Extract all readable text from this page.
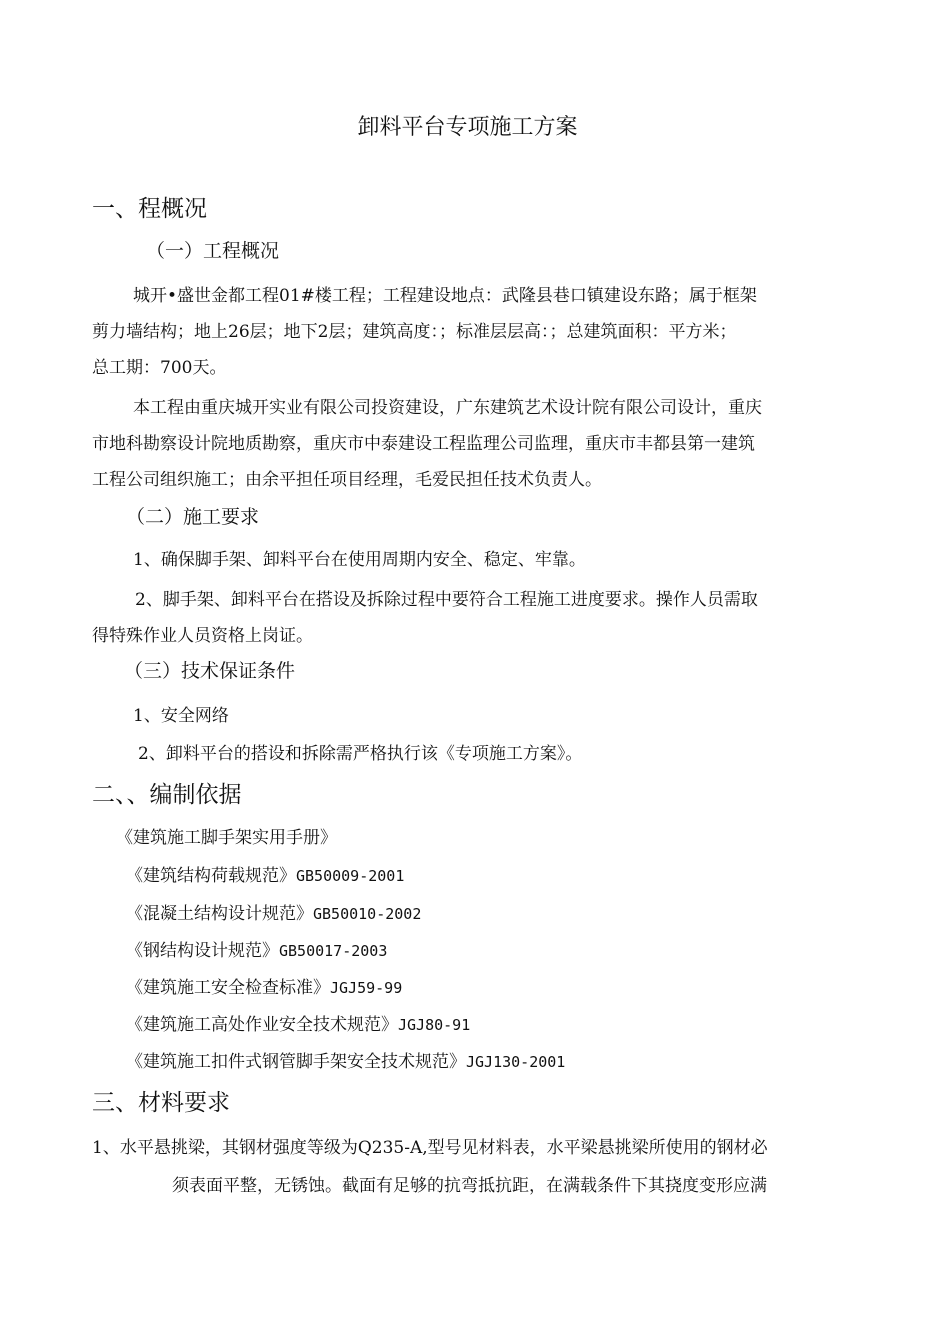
卸料平台专项施工方案
一、程概况
（一）工程概况
城开•盛世金都工程01#楼工程；工程建设地点：武隆县巷口镇建设东路；属于框架
剪力墙结构；地上26层；地下2层；建筑高度：；标准层层高：；总建筑面积：平方米；
总工期：700天。
本工程由重庆城开实业有限公司投资建设，广东建筑艺术设计院有限公司设计，重庆
市地科勘察设计院地质勘察，重庆市中泰建设工程监理公司监理，重庆市丰都县第一建筑
工程公司组织施工；由余平担任项目经理，毛爱民担任技术负责人。
（二）施工要求
1、确保脚手架、卸料平台在使用周期内安全、稳定、牢靠。
2、脚手架、卸料平台在搭设及拆除过程中要符合工程施工进度要求。操作人员需取
得特殊作业人员资格上岗证。
（三）技术保证条件
1、安全网络
2、卸料平台的搭设和拆除需严格执行该《专项施工方案》。
二、、编制依据
《建筑施工脚手架实用手册》
《建筑结构荷载规范》GB50009-2001
《混凝土结构设计规范》GB50010-2002
《钢结构设计规范》GB50017-2003
《建筑施工安全检查标准》JGJ59-99
《建筑施工高处作业安全技术规范》JGJ80-91
《建筑施工扣件式钢管脚手架安全技术规范》JGJ130-2001
三、材料要求
1、水平悬挑梁，其钢材强度等级为Q235-A,型号见材料表，水平梁悬挑梁所使用的钢材必
须表面平整，无锈蚀。截面有足够的抗弯抵抗距，在满载条件下其挠度变形应满
